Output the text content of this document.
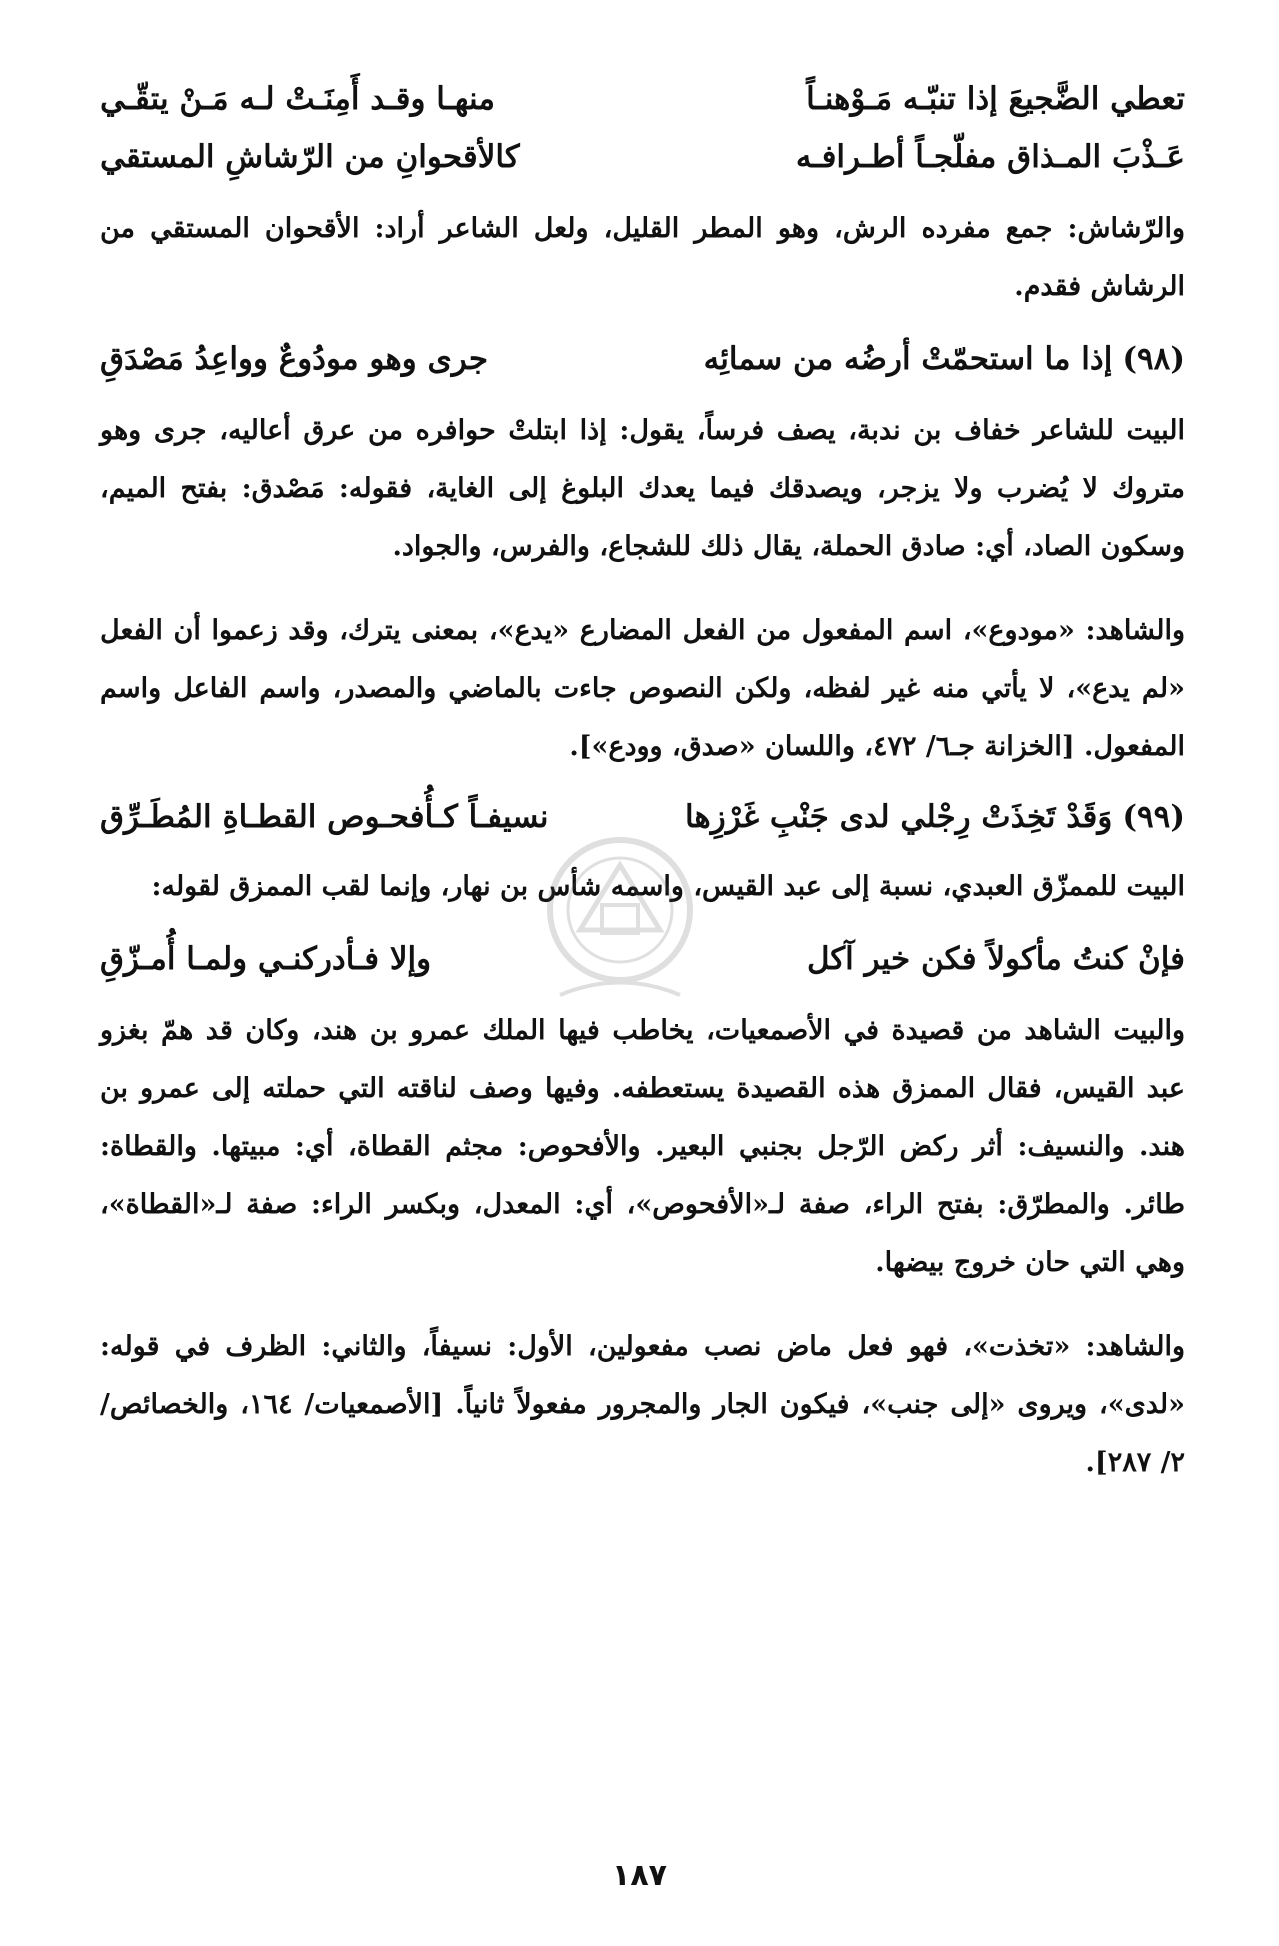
تعطي الضَّجيعَ إذا تنبّـه مَـوْهنـاً
منهـا وقـد أَمِنَـتْ لـه مَـنْ يتقّـي
عَـذْبَ المـذاق مفلّجـاً أطـرافـه
كالأقحوانِ من الرّشاشِ المستقي

والرّشاش: جمع مفرده الرش، وهو المطر القليل، ولعل الشاعر أراد: الأقحوان المستقي من الرشاش فقدم.

(٩٨)إذا ما استحمّتْ أرضُه من سمائِه
جرى وهو مودُوعٌ وواعِدُ مَصْدَقِ

البيت للشاعر خفاف بن ندبة، يصف فرساً، يقول: إذا ابتلتْ حوافره من عرق أعاليه، جرى وهو متروك لا يُضرب ولا يزجر، ويصدقك فيما يعدك البلوغ إلى الغاية، فقوله: مَصْدق: بفتح الميم، وسكون الصاد، أي: صادق الحملة، يقال ذلك للشجاع، والفرس، والجواد.

والشاهد: «مودوع»، اسم المفعول من الفعل المضارع «يدع»، بمعنى يترك، وقد زعموا أن الفعل «لم يدع»، لا يأتي منه غير لفظه، ولكن النصوص جاءت بالماضي والمصدر، واسم الفاعل واسم المفعول. [الخزانة جـ٦/ ٤٧٢، واللسان «صدق، وودع»].

(٩٩)وَقَدْ تَخِذَتْ رِجْلي لدى جَنْبِ غَرْزِها
نسيفـاً كـأُفحـوص القطـاةِ المُطَـرِّق

البيت للممزّق العبدي، نسبة إلى عبد القيس، واسمه شأس بن نهار، وإنما لقب الممزق لقوله:

فإنْ كنتُ مأكولاً فكن خير آكل
وإلا فـأدركنـي ولمـا أُمـزّقِ

والبيت الشاهد من قصيدة في الأصمعيات، يخاطب فيها الملك عمرو بن هند، وكان قد همّ بغزو عبد القيس، فقال الممزق هذه القصيدة يستعطفه. وفيها وصف لناقته التي حملته إلى عمرو بن هند. والنسيف: أثر ركض الرّجل بجنبي البعير. والأفحوص: مجثم القطاة، أي: مبيتها. والقطاة: طائر. والمطرّق: بفتح الراء، صفة لـ«الأفحوص»، أي: المعدل، وبكسر الراء: صفة لـ«القطاة»، وهي التي حان خروج بيضها.

والشاهد: «تخذت»، فهو فعل ماض نصب مفعولين، الأول: نسيفاً، والثاني: الظرف في قوله: «لدى»، ويروى «إلى جنب»، فيكون الجار والمجرور مفعولاً ثانياً. [الأصمعيات/ ١٦٤، والخصائص/ ٢/ ٢٨٧].

١٨٧
